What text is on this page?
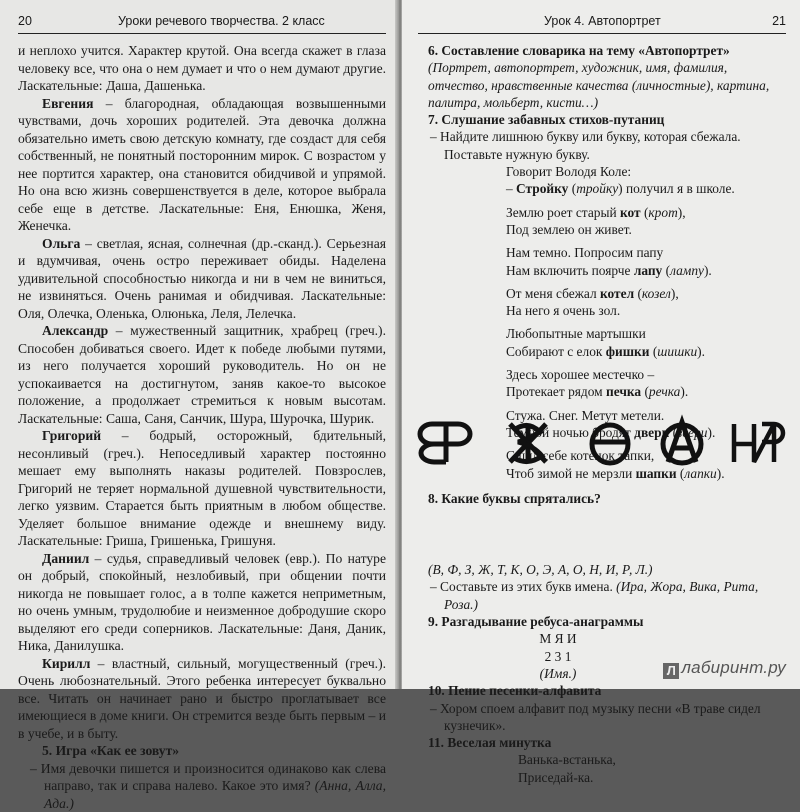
20	Уроки речевого творчества. 2 класс

и неплохо учится. Характер крутой. Она всегда скажет в глаза человеку все, что она о нем думает и что о нем думают другие. Ласкательные: Даша, Дашенька.

Евгения – благородная, обладающая возвышенными чувствами, дочь хороших родителей. Эта девочка должна обязательно иметь свою детскую комнату, где создаст для себя собственный, не понятный посторонним мирок. С возрастом у нее портится характер, она становится обидчивой и упрямой. Но она всю жизнь совершенствуется в деле, которое выбрала себе еще в детстве. Ласкательные: Еня, Енюшка, Женя, Женечка.

Ольга – светлая, ясная, солнечная (др.-сканд.). Серьезная и вдумчивая, очень остро переживает обиды. Наделена удивительной способностью никогда и ни в чем не виниться, не извиняться. Очень ранимая и обидчивая. Ласкательные: Оля, Олечка, Оленька, Олюнька, Леля, Лелечка.

Александр – мужественный защитник, храбрец (греч.). Способен добиваться своего. Идет к победе любыми путями, из него получается хороший руководитель. Но он не успокаивается на достигнутом, заняв какое-то высокое положение, а продолжает стремиться к новым высотам. Ласкательные: Саша, Саня, Санчик, Шура, Шурочка, Шурик.

Григорий – бодрый, осторожный, бдительный, несонливый (греч.). Непоседливый характер постоянно мешает ему выполнять наказы родителей. Повзрослев, Григорий не теряет нормальной душевной чувствительности, легко уязвим. Старается быть приятным в любом обществе. Уделяет большое внимание одежде и внешнему виду. Ласкательные: Гриша, Гришенька, Гришуня.

Даниил – судья, справедливый человек (евр.). По натуре он добрый, спокойный, незлобивый, при общении почти никогда не повышает голос, а в толпе кажется неприметным, но очень умным, трудолюбие и неизменное добродушие скоро выделяют его среди соперников. Ласкательные: Даня, Даник, Ника, Данилушка.

Кирилл – властный, сильный, могущественный (греч.). Очень любознательный. Этого ребенка интересует буквально все. Читать он начинает рано и быстро проглатывает все имеющиеся в доме книги. Он стремится везде быть первым – и в учебе, и в быту.

5. Игра «Как ее зовут»

– Имя девочки пишется и произносится одинаково как слева направо, так и справа налево. Какое это имя? (Анна, Алла, Ада.)

Урок 4. Автопортрет	21

6. Составление словарика на тему «Автопортрет»

(Портрет, автопортрет, художник, имя, фамилия, отчество, нравственные качества (личностные), картина, палитра, мольберт, кисти…)

7. Слушание забавных стихов-путаниц

– Найдите лишнюю букву или букву, которая сбежала. Поставьте нужную букву.

Говорит Володя Коле:
– Стройку (тройку) получил я в школе.
Землю роет старый кот (крот),
Под землею он живет.
Нам темно. Попросим папу
Нам включить поярче лапу (лампу).
От меня сбежал котел (козел),
На него я очень зол.
Любопытные мартышки
Собирают с елок фишки (шишки).
Здесь хорошее местечко –
Протекает рядом печка (речка).
Стужа. Снег. Метут метели.
Темной ночью бродят двери (звери).
Сшил себе котенок тапки,
Чтоб зимой не мерзли шапки (лапки).

8. Какие буквы спрятались?

(В, Ф, З, Ж, Т, К, О, Э, А, О, Н, И, Р, Л.)

– Составьте из этих букв имена. (Ира, Жора, Вика, Рита, Роза.)

9. Разгадывание ребуса-анаграммы

М Я И
2 3 1
(Имя.)

10. Пение песенки-алфавита

– Хором споем алфавит под музыку песни «В траве сидел кузнечик».

11. Веселая минутка

Ванька-встанька,
Приседай-ка.
Л лабиринт.ру
